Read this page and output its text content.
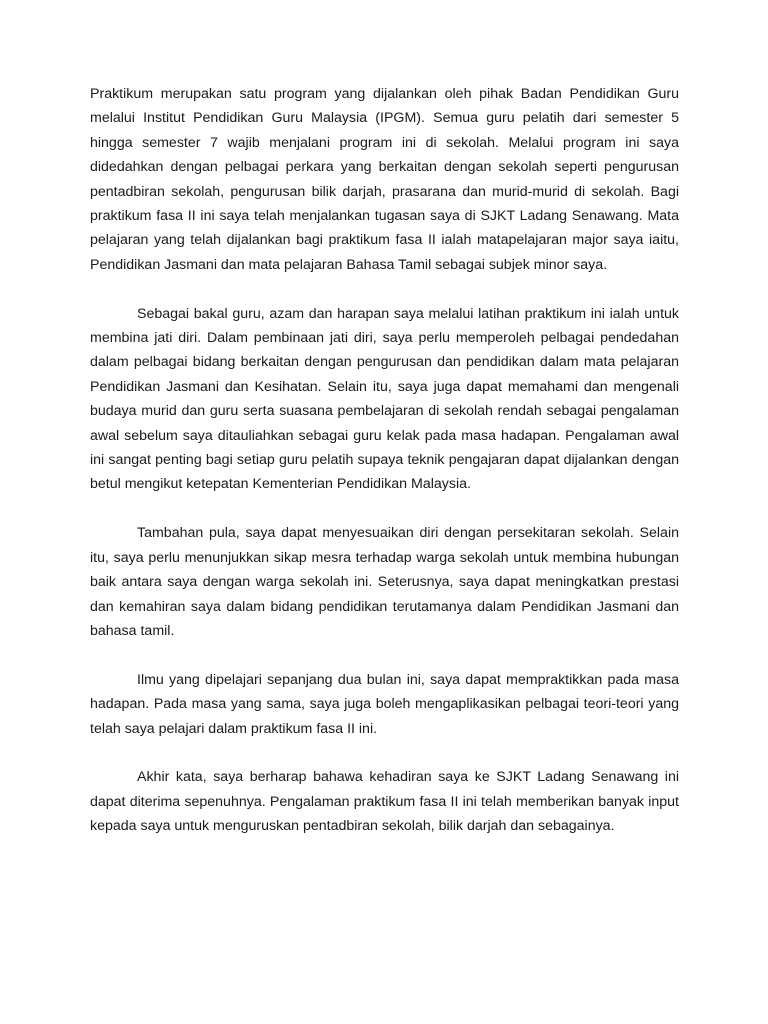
Praktikum merupakan satu program yang dijalankan oleh pihak Badan Pendidikan Guru melalui Institut Pendidikan Guru Malaysia (IPGM). Semua guru pelatih dari semester 5 hingga semester 7 wajib menjalani program ini di sekolah. Melalui program ini saya didedahkan dengan pelbagai perkara yang berkaitan dengan sekolah seperti pengurusan pentadbiran sekolah, pengurusan bilik darjah, prasarana dan murid-murid di sekolah. Bagi praktikum fasa II ini saya telah menjalankan tugasan saya di SJKT Ladang Senawang. Mata pelajaran yang telah dijalankan bagi praktikum fasa II ialah matapelajaran major saya iaitu, Pendidikan Jasmani dan mata pelajaran Bahasa Tamil sebagai subjek minor saya.

Sebagai bakal guru, azam dan harapan saya melalui latihan praktikum ini ialah untuk membina jati diri. Dalam pembinaan jati diri, saya perlu memperoleh pelbagai pendedahan dalam pelbagai bidang berkaitan dengan pengurusan dan pendidikan dalam mata pelajaran Pendidikan Jasmani dan Kesihatan. Selain itu, saya juga dapat memahami dan mengenali budaya murid dan guru serta suasana pembelajaran di sekolah rendah sebagai pengalaman awal sebelum saya ditauliahkan sebagai guru kelak pada masa hadapan. Pengalaman awal ini sangat penting bagi setiap guru pelatih supaya teknik pengajaran dapat dijalankan dengan betul mengikut ketepatan Kementerian Pendidikan Malaysia.

Tambahan pula, saya dapat menyesuaikan diri dengan persekitaran sekolah. Selain itu, saya perlu menunjukkan sikap mesra terhadap warga sekolah untuk membina hubungan baik antara saya dengan warga sekolah ini. Seterusnya, saya dapat meningkatkan prestasi dan kemahiran saya dalam bidang pendidikan terutamanya dalam Pendidikan Jasmani dan bahasa tamil.

Ilmu yang dipelajari sepanjang dua bulan ini, saya dapat mempraktikkan pada masa hadapan. Pada masa yang sama, saya juga boleh mengaplikasikan pelbagai teori-teori yang telah saya pelajari dalam praktikum fasa II ini.

Akhir kata, saya berharap bahawa kehadiran saya ke SJKT Ladang Senawang ini dapat diterima sepenuhnya. Pengalaman praktikum fasa II ini telah memberikan banyak input kepada saya untuk menguruskan pentadbiran sekolah, bilik darjah dan sebagainya.
